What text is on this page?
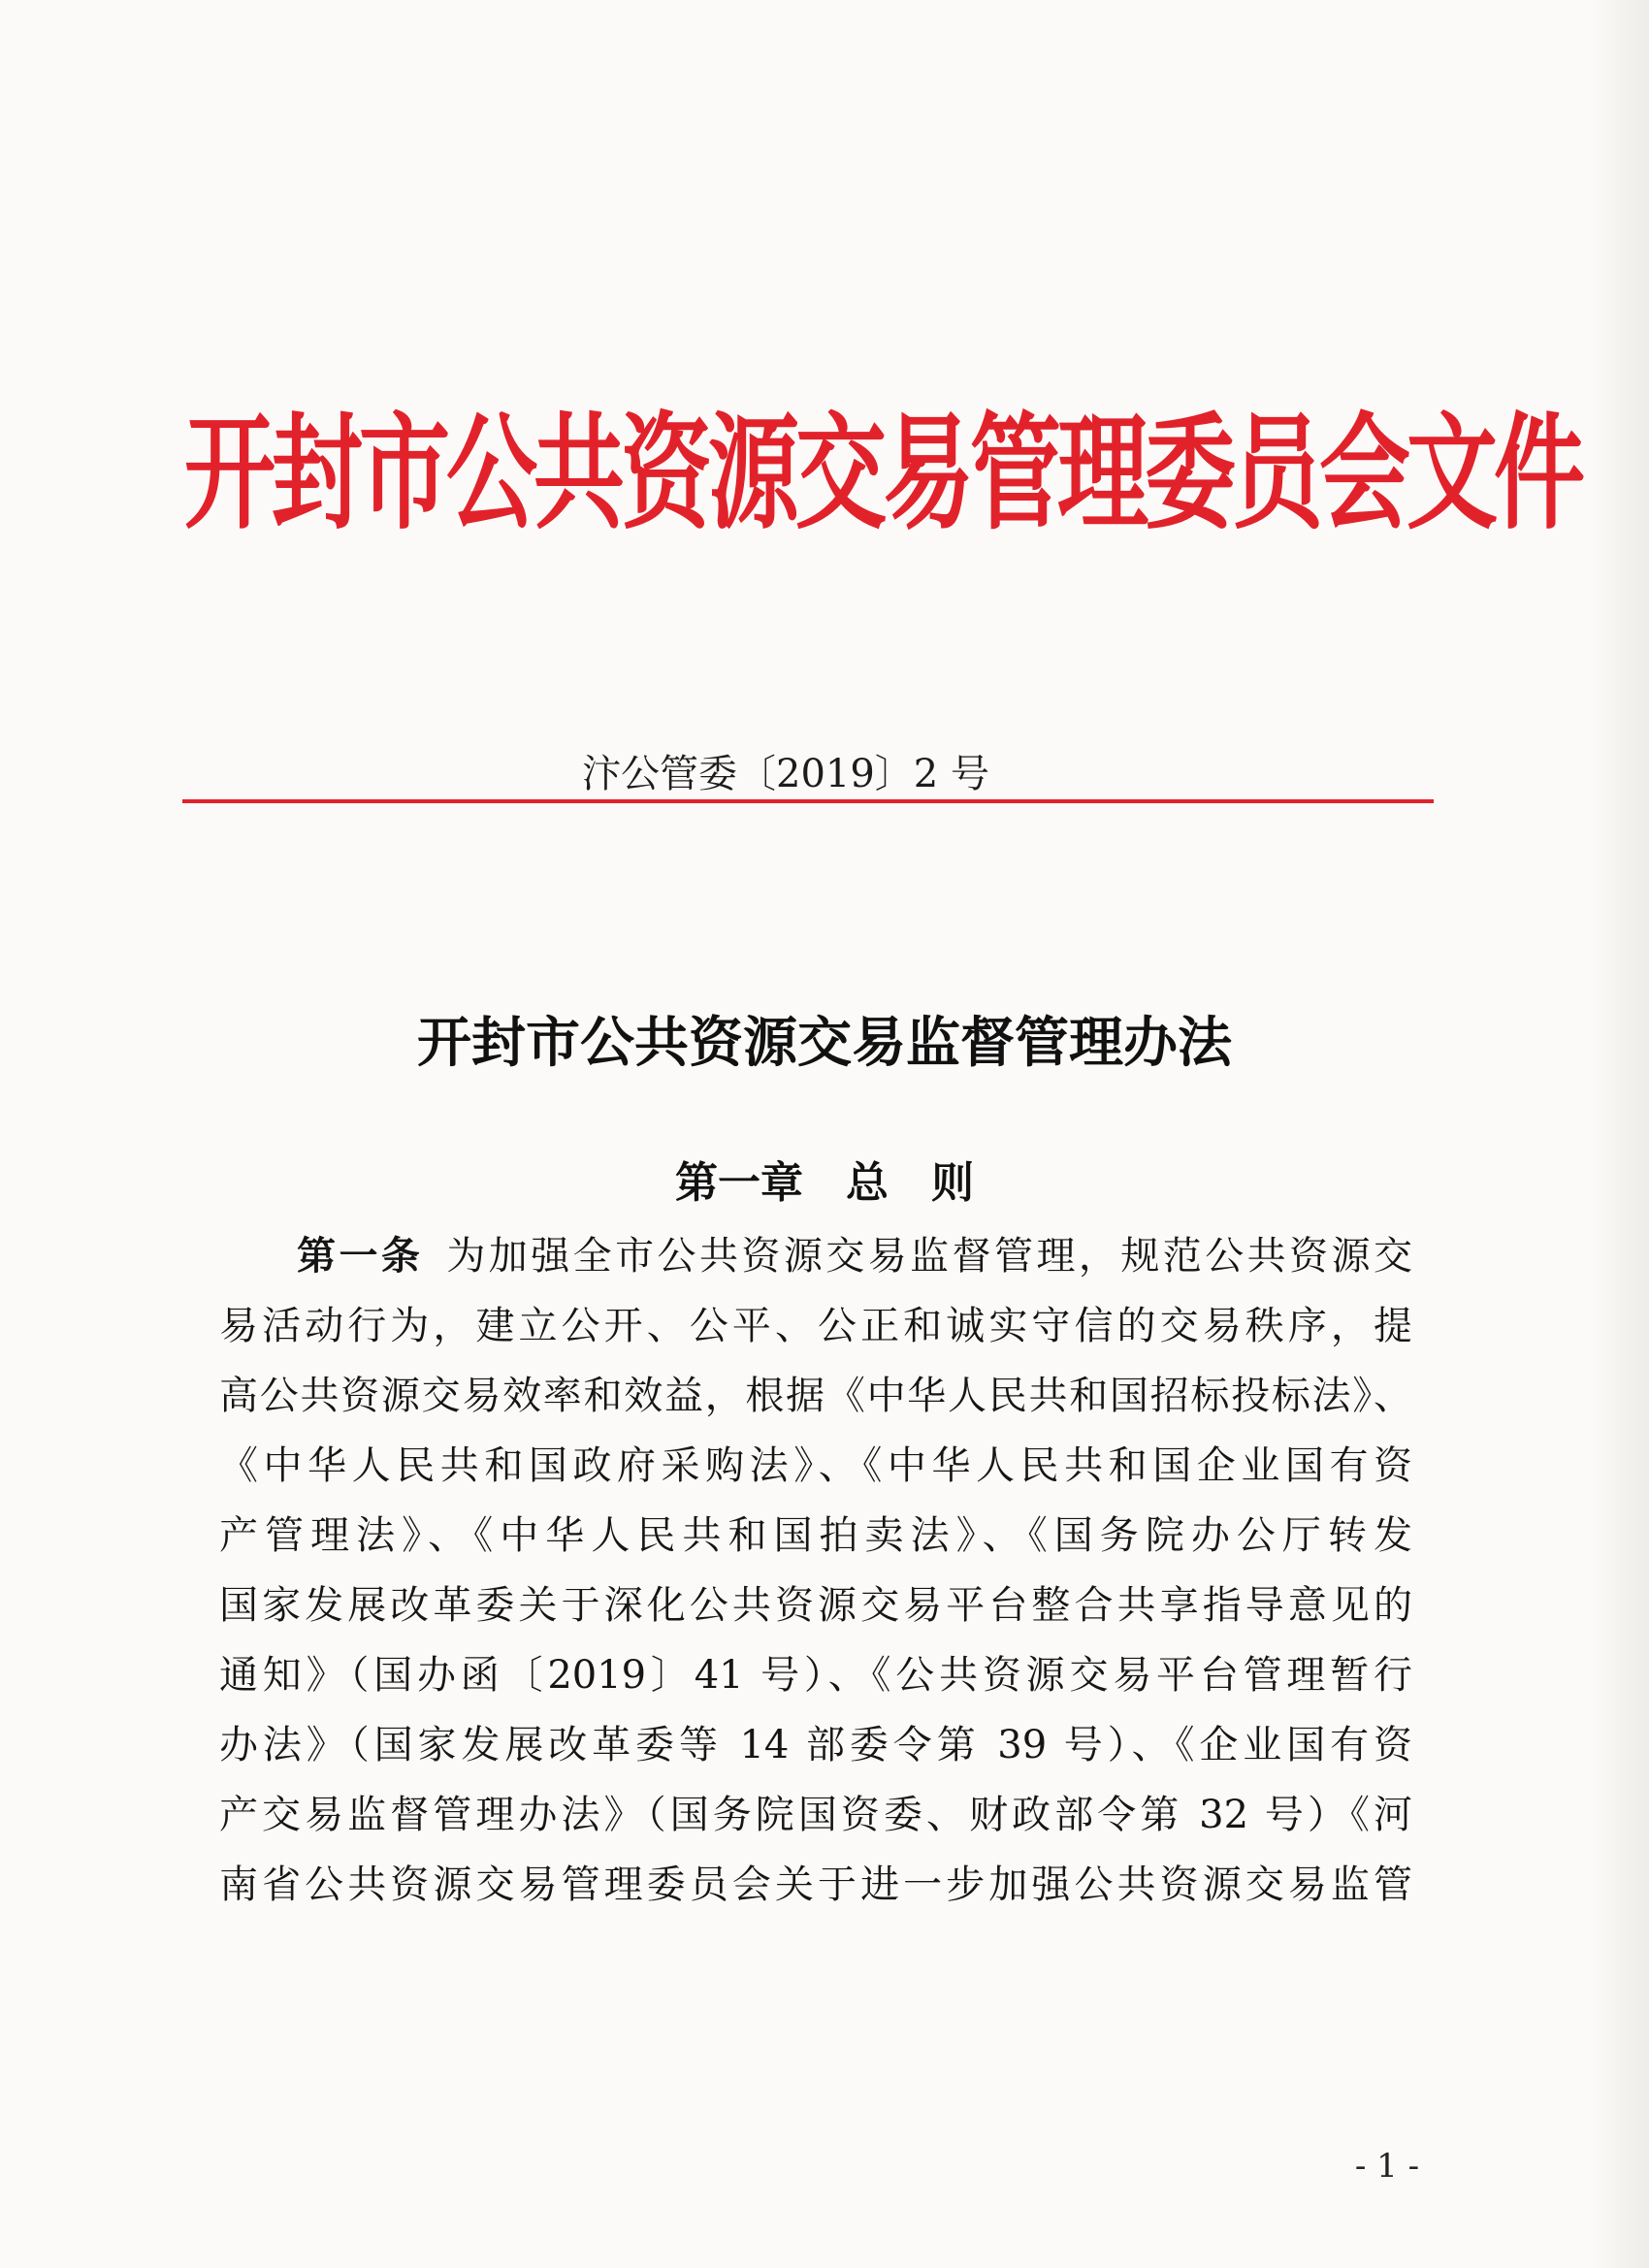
开封市公共资源交易管理委员会文件
汴公管委〔2019〕2 号
开封市公共资源交易监督管理办法
第一章　总　则
第一条 为加强全市公共资源交易监督管理，规范公共资源交
易活动行为，建立公开、公平、公正和诚实守信的交易秩序，提
高公共资源交易效率和效益，根据《中华人民共和国招标投标法》、
《中华人民共和国政府采购法》、《中华人民共和国企业国有资
产管理法》、《中华人民共和国拍卖法》、《国务院办公厅转发
国家发展改革委关于深化公共资源交易平台整合共享指导意见的
通知》（国办函〔2019〕41 号）、《公共资源交易平台管理暂行
办法》（国家发展改革委等 14 部委令第 39 号）、《企业国有资
产交易监督管理办法》（国务院国资委、财政部令第 32 号）《河
南省公共资源交易管理委员会关于进一步加强公共资源交易监管
- 1 -
